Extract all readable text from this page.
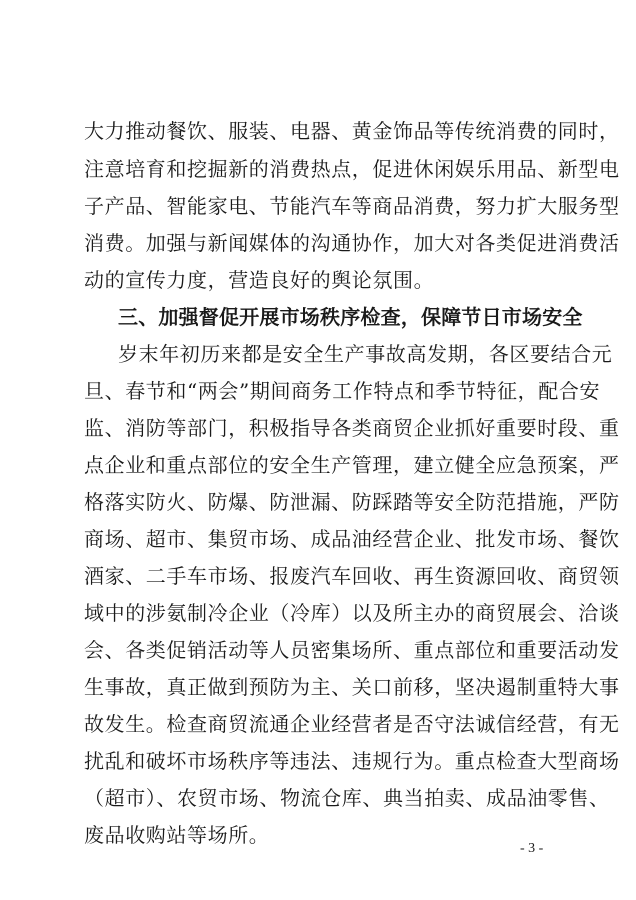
大力推动餐饮、服装、电器、黄金饰品等传统消费的同时，
注意培育和挖掘新的消费热点，促进休闲娱乐用品、新型电
子产品、智能家电、节能汽车等商品消费，努力扩大服务型
消费。加强与新闻媒体的沟通协作，加大对各类促进消费活
动的宣传力度，营造良好的舆论氛围。
三、加强督促开展市场秩序检查，保障节日市场安全
岁末年初历来都是安全生产事故高发期，各区要结合元
旦、春节和“两会”期间商务工作特点和季节特征，配合安
监、消防等部门，积极指导各类商贸企业抓好重要时段、重
点企业和重点部位的安全生产管理，建立健全应急预案，严
格落实防火、防爆、防泄漏、防踩踏等安全防范措施，严防
商场、超市、集贸市场、成品油经营企业、批发市场、餐饮
酒家、二手车市场、报废汽车回收、再生资源回收、商贸领
域中的涉氨制冷企业（冷库）以及所主办的商贸展会、洽谈
会、各类促销活动等人员密集场所、重点部位和重要活动发
生事故，真正做到预防为主、关口前移，坚决遏制重特大事
故发生。检查商贸流通企业经营者是否守法诚信经营，有无
扰乱和破坏市场秩序等违法、违规行为。重点检查大型商场
（超市）、农贸市场、物流仓库、典当拍卖、成品油零售、
废品收购站等场所。
- 3 -
